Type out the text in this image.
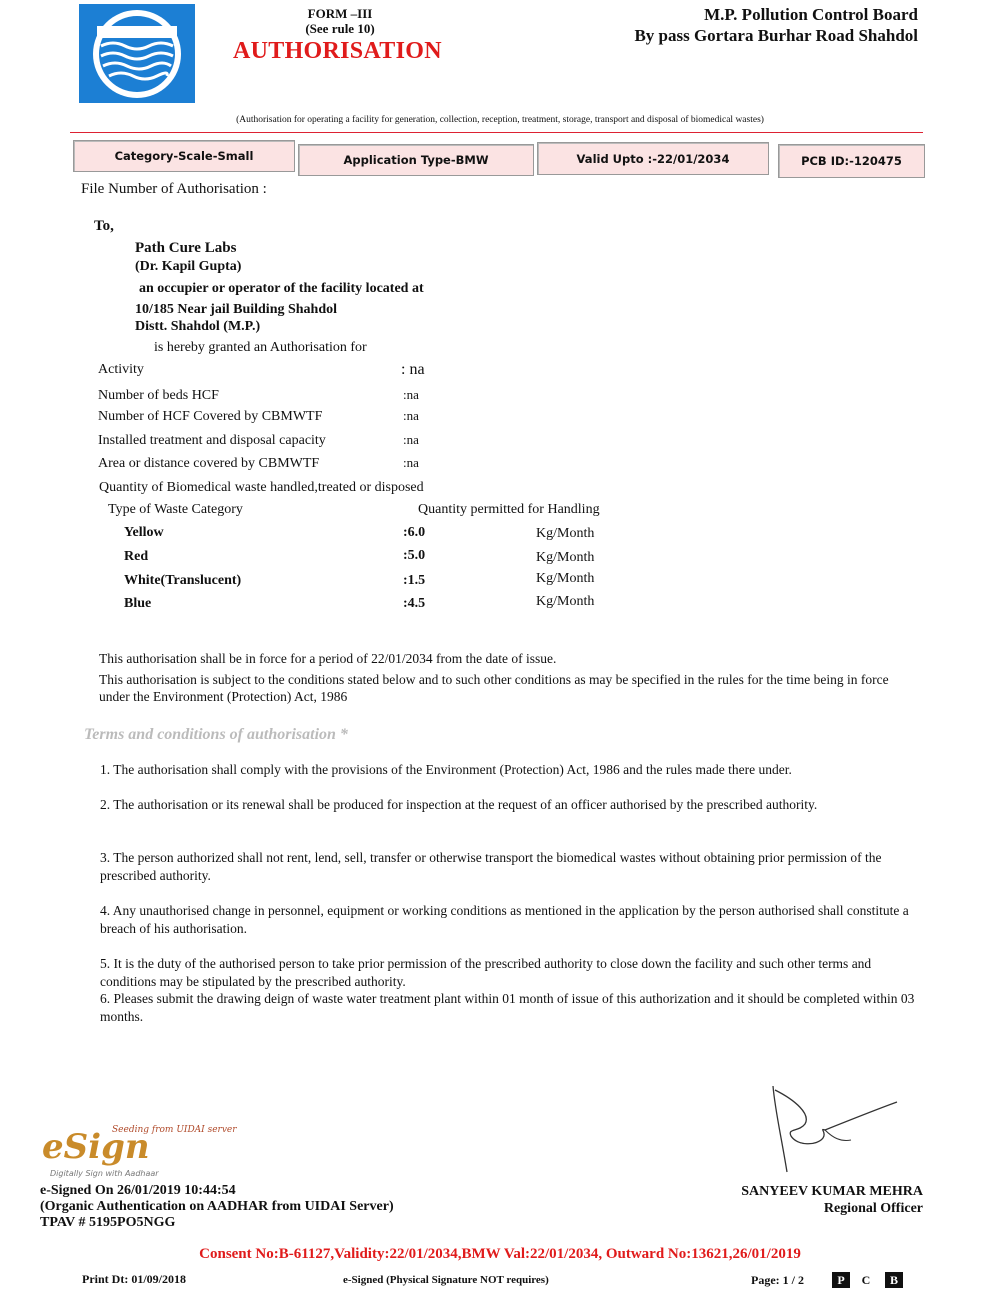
FORM –III
(See rule 10)
AUTHORISATION
M.P. Pollution Control Board
By pass Gortara Burhar Road Shahdol
(Authorisation for operating a facility for generation, collection, reception, treatment, storage, transport and disposal of biomedical wastes)
Category-Scale-Small	Application Type-BMW	Valid Upto :-22/01/2034	PCB ID:-120475
File Number of Authorisation :
To,
Path Cure Labs
(Dr. Kapil Gupta)
an occupier or operator of the facility located at
10/185 Near jail Building Shahdol
Distt. Shahdol (M.P.)
is hereby granted an Authorisation for
Activity	: na
Number of beds HCF	:na
Number of HCF Covered by CBMWTF	:na
Installed treatment and disposal capacity	:na
Area or distance covered by CBMWTF	:na
Quantity of Biomedical waste handled,treated or disposed
Type of Waste Category	Quantity permitted for Handling
Yellow	:6.0	Kg/Month
Red	:5.0	Kg/Month
White(Translucent)	:1.5	Kg/Month
Blue	:4.5	Kg/Month
This authorisation shall be in force for a period of 22/01/2034 from the date of issue.
This authorisation is subject to the conditions stated below and to such other conditions as may be specified in the rules for the time being in force under the Environment (Protection) Act, 1986
Terms and conditions of authorisation *
1. The authorisation shall comply with the provisions of the Environment (Protection) Act, 1986 and the rules made there under.
2. The authorisation or its renewal shall be produced for inspection at the request of an officer authorised by the prescribed authority.
3. The person authorized shall not rent, lend, sell, transfer or otherwise transport the biomedical wastes without obtaining prior permission of the prescribed authority.
4. Any unauthorised change in personnel, equipment or working conditions as mentioned in the application by the person authorised shall constitute a breach of his authorisation.
5. It is the duty of the authorised person to take prior permission of the prescribed authority to close down the facility and such other terms and conditions may be stipulated by the prescribed authority.
6. Pleases submit the drawing deign of waste water treatment plant within 01 month of issue of this authorization and it should be completed within 03 months.
eSign
Seeding from UIDAI server
Digitally Sign with Aadhaar
e-Signed On 26/01/2019 10:44:54
(Organic Authentication on AADHAR from UIDAI Server)
TPAV # 5195PO5NGG
SANYEEV KUMAR MEHRA
Regional Officer
Consent No:B-61127,Validity:22/01/2034,BMW Val:22/01/2034, Outward No:13621,26/01/2019
Print Dt: 01/09/2018	e-Signed (Physical Signature NOT requires)	Page: 1 / 2	P	C	B
